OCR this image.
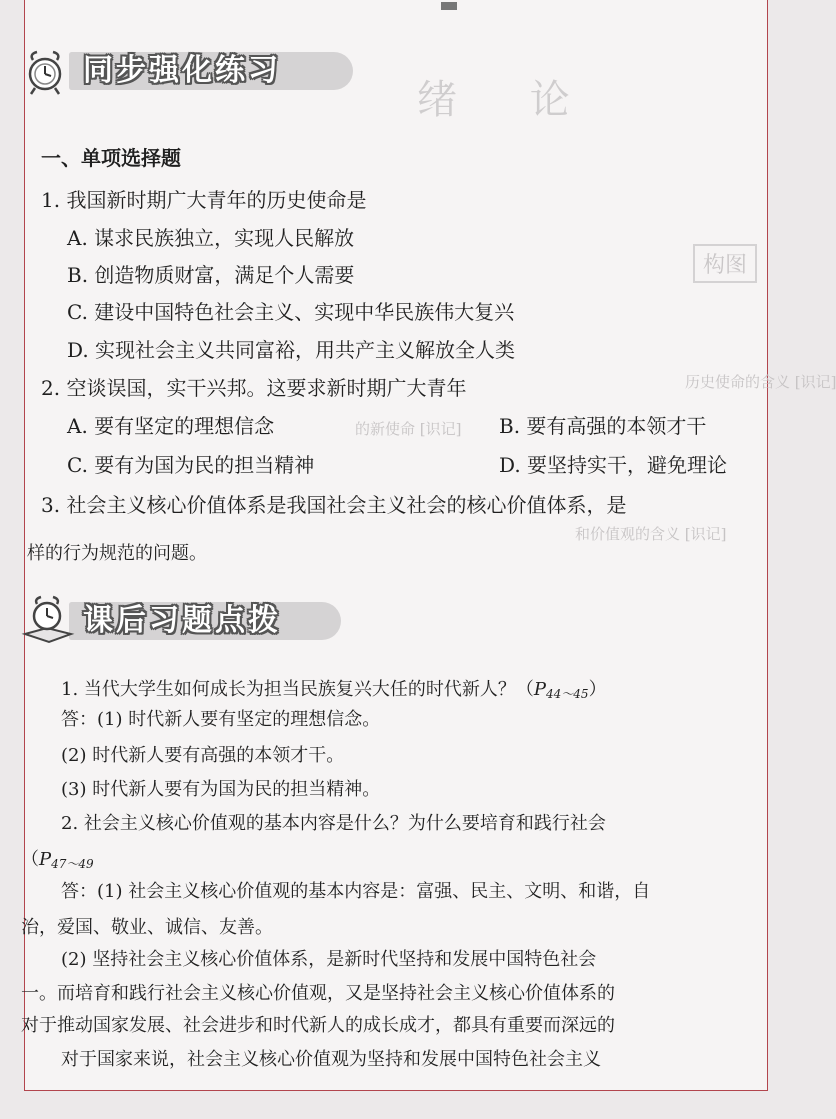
绪 论
构图
历史使命的含义 [识记]
的新使命 [识记]
和价值观的含义 [识记]
同步强化练习
一、单项选择题
1. 我国新时期广大青年的历史使命是
A. 谋求民族独立，实现人民解放
B. 创造物质财富，满足个人需要
C. 建设中国特色社会主义、实现中华民族伟大复兴
D. 实现社会主义共同富裕，用共产主义解放全人类
2. 空谈误国，实干兴邦。这要求新时期广大青年
A. 要有坚定的理想信念	B. 要有高强的本领才干
C. 要有为国为民的担当精神	D. 要坚持实干，避免理论
3. 社会主义核心价值体系是我国社会主义社会的核心价值体系，是
样的行为规范的问题。
课后习题点拨
1. 当代大学生如何成长为担当民族复兴大任的时代新人？$(P_{44\sim 45})$
答：(1) 时代新人要有坚定的理想信念。
(2) 时代新人要有高强的本领才干。
(3) 时代新人要有为国为民的担当精神。
2. 社会主义核心价值观的基本内容是什么？为什么要培育和践行社会
（$P_{47\sim 49}$
答：(1) 社会主义核心价值观的基本内容是：富强、民主、文明、和谐，自
治，爱国、敬业、诚信、友善。
(2) 坚持社会主义核心价值体系，是新时代坚持和发展中国特色社会
一。而培育和践行社会主义核心价值观，又是坚持社会主义核心价值体系的
对于推动国家发展、社会进步和时代新人的成长成才，都具有重要而深远的
对于国家来说，社会主义核心价值观为坚持和发展中国特色社会主义
